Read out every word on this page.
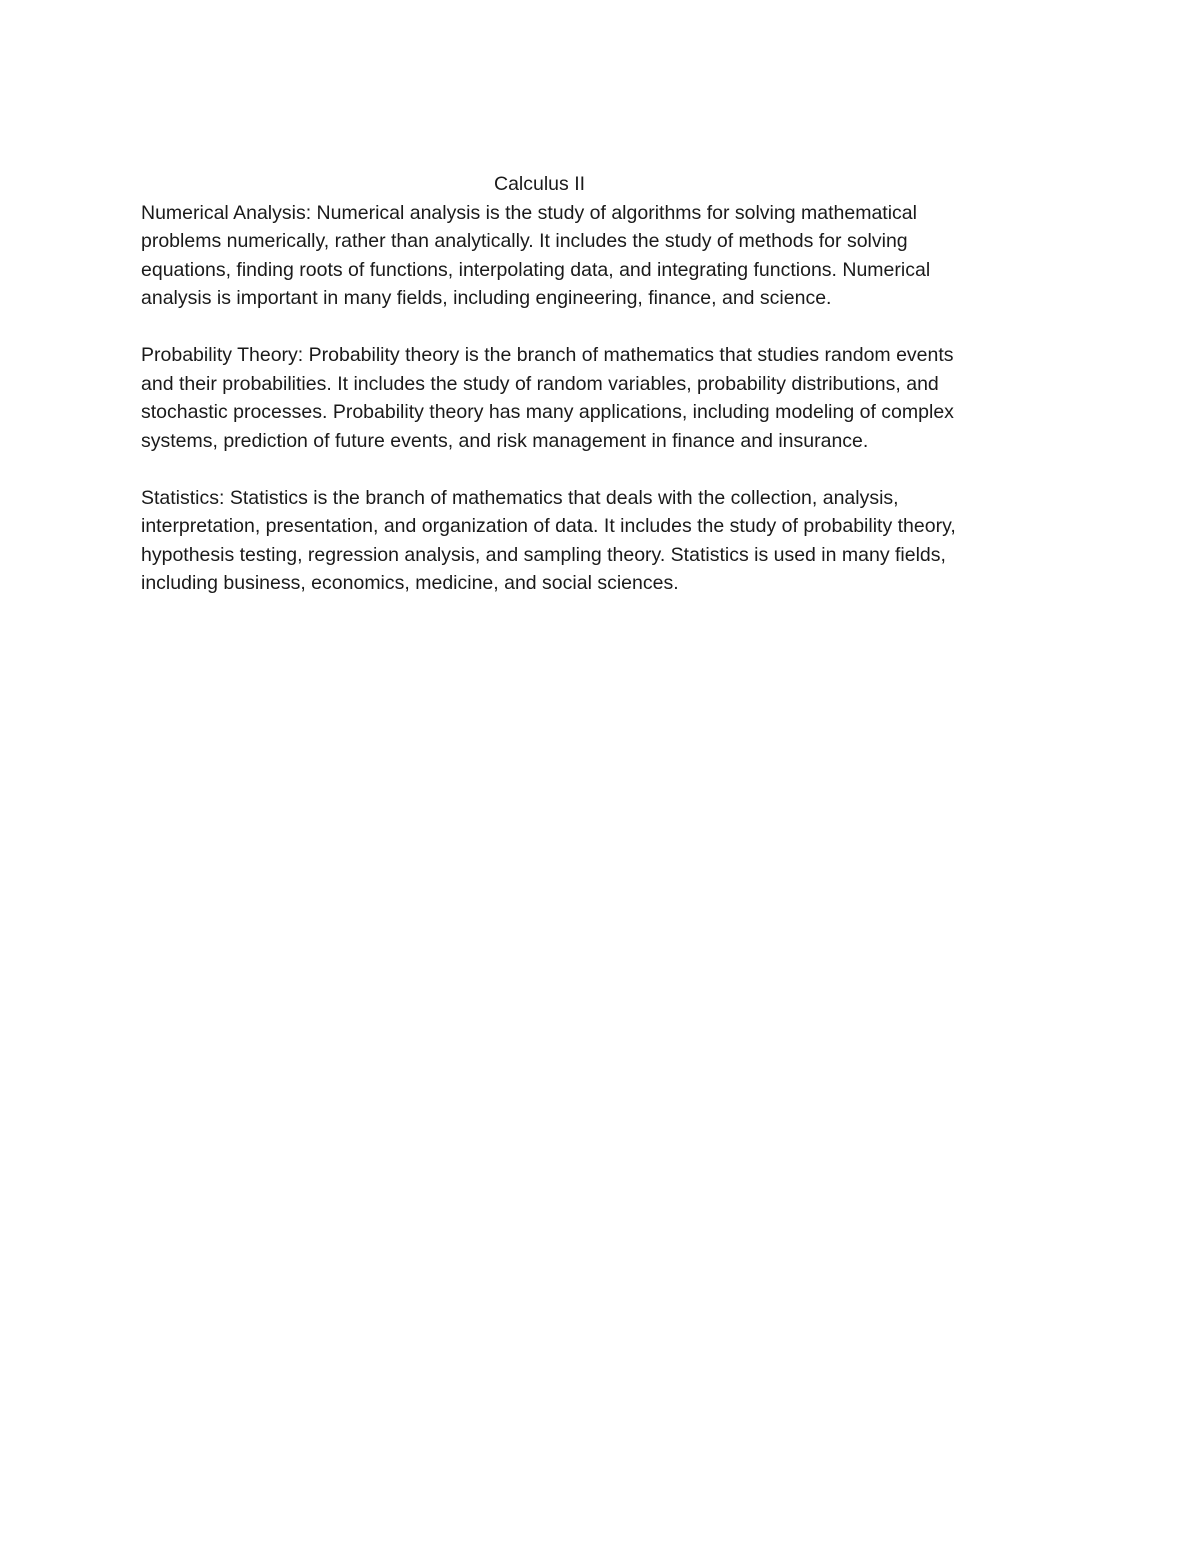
Calculus II

Numerical Analysis: Numerical analysis is the study of algorithms for solving mathematical
problems numerically, rather than analytically. It includes the study of methods for solving
equations, finding roots of functions, interpolating data, and integrating functions. Numerical
analysis is important in many fields, including engineering, finance, and science.

Probability Theory: Probability theory is the branch of mathematics that studies random events
and their probabilities. It includes the study of random variables, probability distributions, and
stochastic processes. Probability theory has many applications, including modeling of complex
systems, prediction of future events, and risk management in finance and insurance.

Statistics: Statistics is the branch of mathematics that deals with the collection, analysis,
interpretation, presentation, and organization of data. It includes the study of probability theory,
hypothesis testing, regression analysis, and sampling theory. Statistics is used in many fields,
including business, economics, medicine, and social sciences.
